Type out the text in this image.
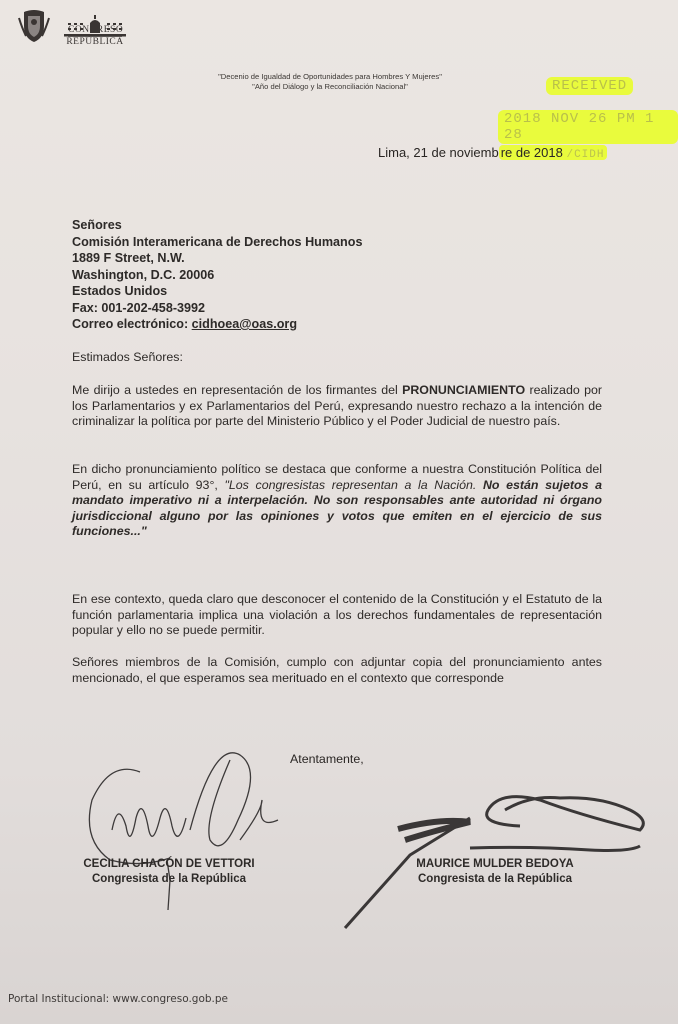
CONGRESO
REPÚBLICA
"Decenio de Igualdad de Oportunidades para Hombres Y Mujeres"
"Año del Diálogo y la Reconciliación Nacional"	RECEIVED
2018 NOV 26 PM 1 28
Lima, 21 de noviemb re de 2018 /CIDH
Señores
Comisión Interamericana de Derechos Humanos
1889 F Street, N.W.
Washington, D.C. 20006
Estados Unidos
Fax: 001-202-458-3992
Correo electrónico: cidhoea@oas.org
Estimados Señores:
Me dirijo a ustedes en representación de los firmantes del PRONUNCIAMIENTO realizado por los Parlamentarios y ex Parlamentarios del Perú, expresando nuestro rechazo a la intención de criminalizar la política por parte del Ministerio Público y el Poder Judicial de nuestro país.
En dicho pronunciamiento político se destaca que conforme a nuestra Constitución Política del Perú, en su artículo 93°, "Los congresistas representan a la Nación. No están sujetos a mandato imperativo ni a interpelación. No son responsables ante autoridad ni órgano jurisdiccional alguno por las opiniones y votos que emiten en el ejercicio de sus funciones..."
En ese contexto, queda claro que desconocer el contenido de la Constitución y el Estatuto de la función parlamentaria implica una violación a los derechos fundamentales de representación popular y ello no se puede permitir.
Señores miembros de la Comisión, cumplo con adjuntar copia del pronunciamiento antes mencionado, el que esperamos sea merituado en el contexto que corresponde
Atentamente,
CECILIA CHACÓN DE VETTORI
Congresista de la República
MAURICE MULDER BEDOYA
Congresista de la República
Portal Institucional: www.congreso.gob.pe
